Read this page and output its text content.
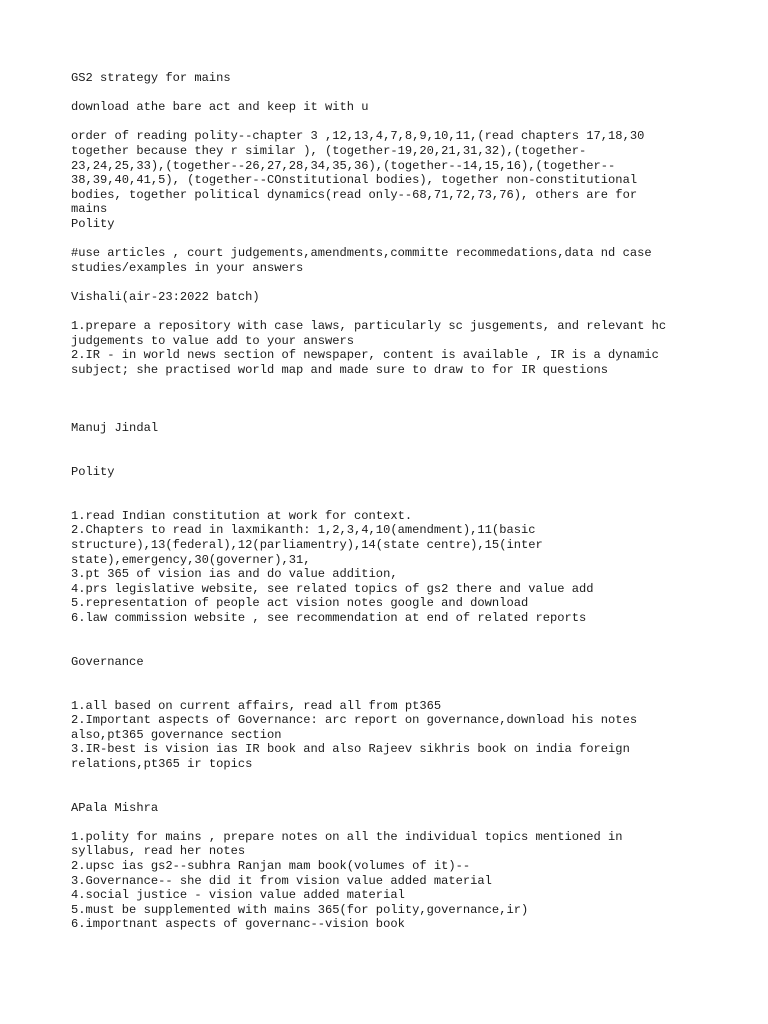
GS2 strategy for mains

download athe bare act and keep it with u

order of reading polity--chapter 3 ,12,13,4,7,8,9,10,11,(read chapters 17,18,30
together because they r similar ), (together-19,20,21,31,32),(together-
23,24,25,33),(together--26,27,28,34,35,36),(together--14,15,16),(together--
38,39,40,41,5), (together--COnstitutional bodies), together non-constitutional
bodies, together political dynamics(read only--68,71,72,73,76), others are for
mains

Polity

#use articles , court judgements,amendments,committe recommedations,data nd case
studies/examples in your answers

Vishali(air-23:2022 batch)

1.prepare a repository with case laws, particularly sc jusgements, and relevant hc
judgements to value add to your answers
2.IR - in world news section of newspaper, content is available , IR is a dynamic
subject; she practised world map and made sure to draw to for IR questions

Manuj Jindal

Polity

1.read Indian constitution at work for context.
2.Chapters to read in laxmikanth: 1,2,3,4,10(amendment),11(basic
structure),13(federal),12(parliamentry),14(state centre),15(inter
state),emergency,30(governer),31,
3.pt 365 of vision ias and do value addition,
4.prs legislative website, see related topics of gs2 there and value add
5.representation of people act vision notes google and download
6.law commission website , see recommendation at end of related reports

Governance

1.all based on current affairs, read all from pt365
2.Important aspects of Governance: arc report on governance,download his notes
also,pt365 governance section
3.IR-best is vision ias IR book and also Rajeev sikhris book on india foreign
relations,pt365 ir topics

APala Mishra

1.polity for mains , prepare notes on all the individual topics mentioned in
syllabus, read her notes
2.upsc ias gs2--subhra Ranjan mam book(volumes of it)--
3.Governance-- she did it from vision value added material
4.social justice - vision value added material
5.must be supplemented with mains 365(for polity,governance,ir)
6.importnant aspects of governanc--vision book
